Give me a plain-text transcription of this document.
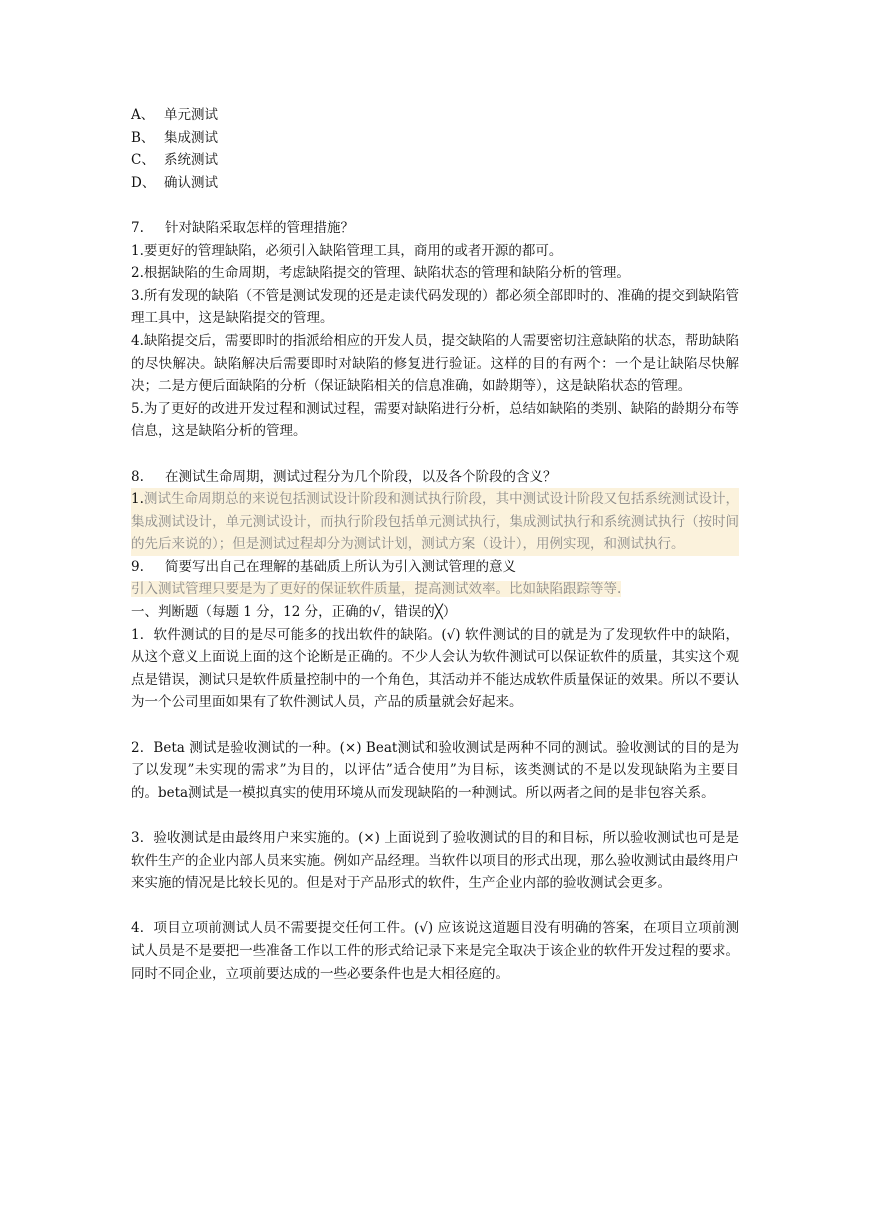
A、 单元测试
B、 集成测试
C、 系统测试
D、 确认测试
7.	针对缺陷采取怎样的管理措施？

1.要更好的管理缺陷，必须引入缺陷管理工具，商用的或者开源的都可。

2.根据缺陷的生命周期，考虑缺陷提交的管理、缺陷状态的管理和缺陷分析的管理。

3.所有发现的缺陷（不管是测试发现的还是走读代码发现的）都必须全部即时的、准确的提交到缺陷管理工具中，这是缺陷提交的管理。

4.缺陷提交后，需要即时的指派给相应的开发人员，提交缺陷的人需要密切注意缺陷的状态，帮助缺陷的尽快解决。缺陷解决后需要即时对缺陷的修复进行验证。这样的目的有两个：一个是让缺陷尽快解决；二是方便后面缺陷的分析（保证缺陷相关的信息准确，如龄期等），这是缺陷状态的管理。

5.为了更好的改进开发过程和测试过程，需要对缺陷进行分析，总结如缺陷的类别、缺陷的龄期分布等信息，这是缺陷分析的管理。

8.	在测试生命周期，测试过程分为几个阶段，以及各个阶段的含义？

1.测试生命周期总的来说包括测试设计阶段和测试执行阶段，其中测试设计阶段又包括系统测试设计，集成测试设计，单元测试设计，而执行阶段包括单元测试执行，集成测试执行和系统测试执行（按时间的先后来说的）；但是测试过程却分为测试计划，测试方案（设计），用例实现，和测试执行。

9.	简要写出自己在理解的基础质上所认为引入测试管理的意义

引入测试管理只要是为了更好的保证软件质量，提高测试效率。比如缺陷跟踪等等.

一、判断题（每题 1 分，12 分，正确的√，错误的╳）

1．软件测试的目的是尽可能多的找出软件的缺陷。(√) 软件测试的目的就是为了发现软件中的缺陷，从这个意义上面说上面的这个论断是正确的。不少人会认为软件测试可以保证软件的质量，其实这个观点是错误，测试只是软件质量控制中的一个角色，其活动并不能达成软件质量保证的效果。所以不要认为一个公司里面如果有了软件测试人员，产品的质量就会好起来。

2．Beta 测试是验收测试的一种。(×) Beat测试和验收测试是两种不同的测试。验收测试的目的是为了以发现”未实现的需求”为目的，以评估”适合使用”为目标，该类测试的不是以发现缺陷为主要目的。beta测试是一模拟真实的使用环境从而发现缺陷的一种测试。所以两者之间的是非包容关系。

3．验收测试是由最终用户来实施的。(×) 上面说到了验收测试的目的和目标，所以验收测试也可是是软件生产的企业内部人员来实施。例如产品经理。当软件以项目的形式出现，那么验收测试由最终用户来实施的情况是比较长见的。但是对于产品形式的软件，生产企业内部的验收测试会更多。

4．项目立项前测试人员不需要提交任何工件。(√) 应该说这道题目没有明确的答案，在项目立项前测试人员是不是要把一些准备工作以工件的形式给记录下来是完全取决于该企业的软件开发过程的要求。同时不同企业，立项前要达成的一些必要条件也是大相径庭的。
